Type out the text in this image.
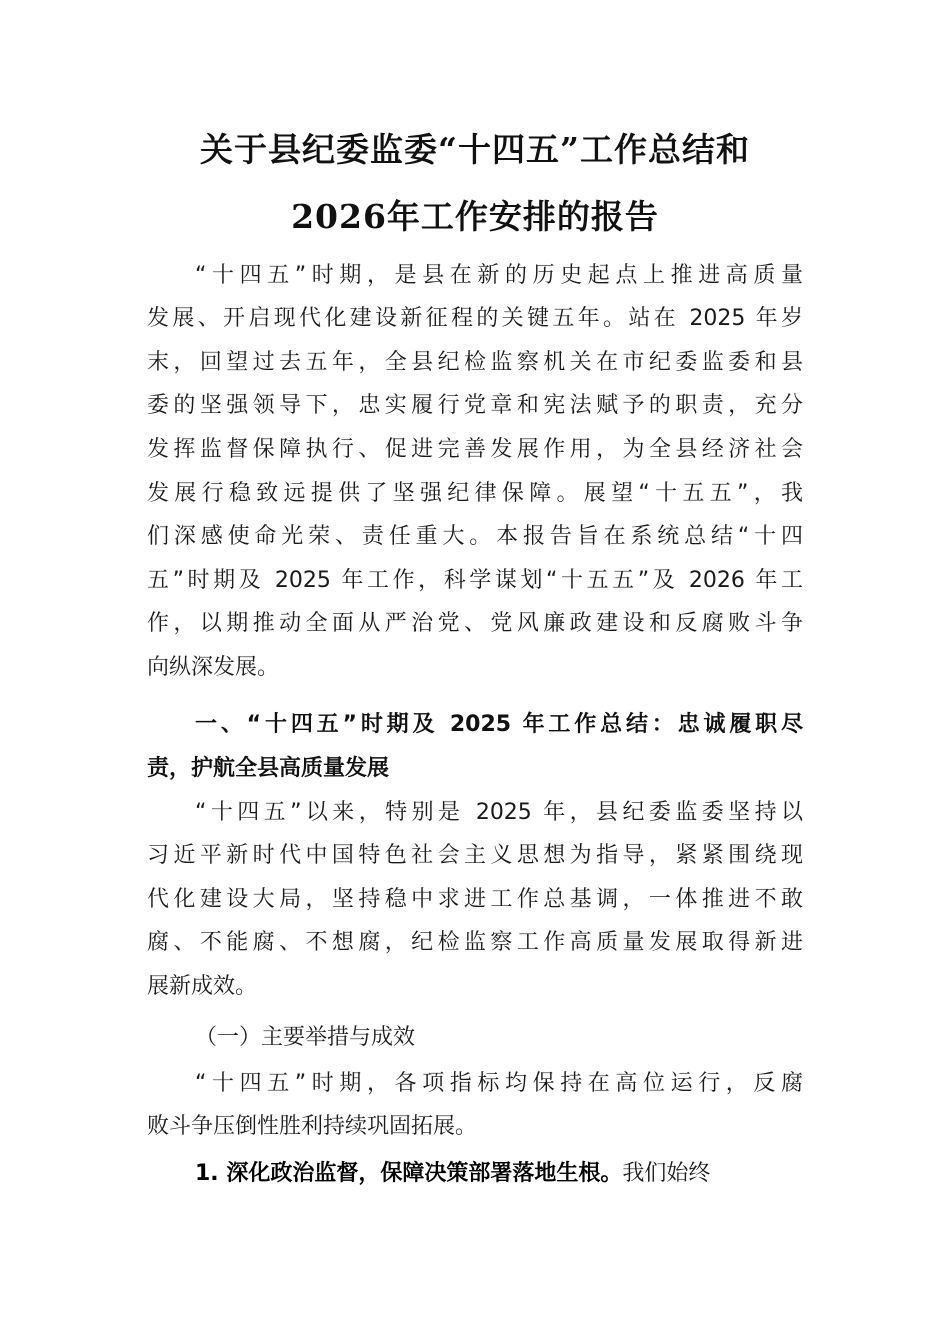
关于县纪委监委“十四五”工作总结和
2026年工作安排的报告
“十四五”时期，是县在新的历史起点上推进高质量
发展、开启现代化建设新征程的关键五年。站在 2025 年岁
末，回望过去五年，全县纪检监察机关在市纪委监委和县
委的坚强领导下，忠实履行党章和宪法赋予的职责，充分
发挥监督保障执行、促进完善发展作用，为全县经济社会
发展行稳致远提供了坚强纪律保障。展望“十五五”，我
们深感使命光荣、责任重大。本报告旨在系统总结“十四
五”时期及 2025 年工作，科学谋划“十五五”及 2026 年工
作，以期推动全面从严治党、党风廉政建设和反腐败斗争
向纵深发展。
一、“十四五”时期及 2025 年工作总结：忠诚履职尽
责，护航全县高质量发展
“十四五”以来，特别是 2025 年，县纪委监委坚持以
习近平新时代中国特色社会主义思想为指导，紧紧围绕现
代化建设大局，坚持稳中求进工作总基调，一体推进不敢
腐、不能腐、不想腐，纪检监察工作高质量发展取得新进
展新成效。
（一）主要举措与成效
“十四五”时期，各项指标均保持在高位运行，反腐
败斗争压倒性胜利持续巩固拓展。
1. 深化政治监督，保障决策部署落地生根。我们始终
